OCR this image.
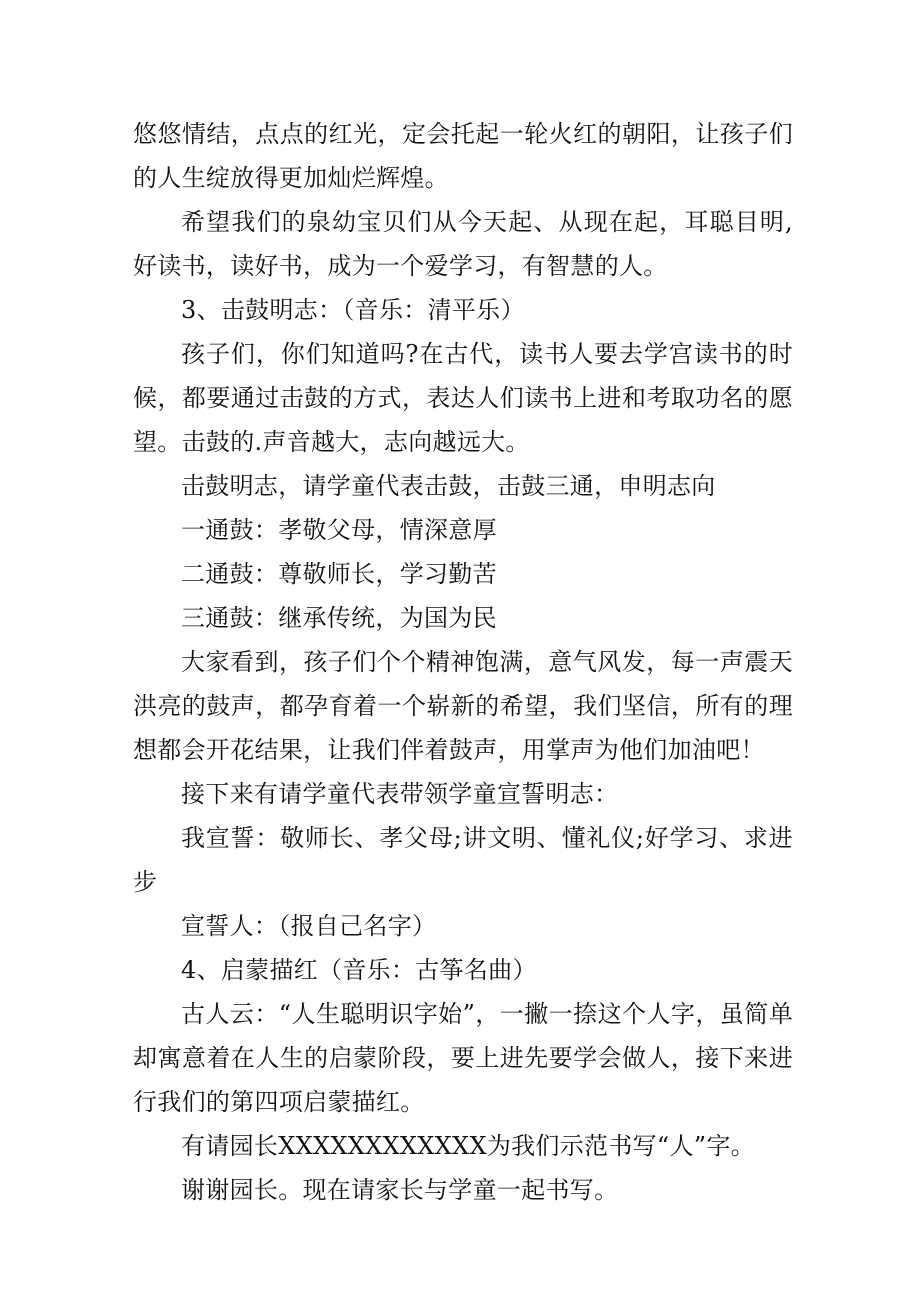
悠悠情结，点点的红光，定会托起一轮火红的朝阳，让孩子们的人生绽放得更加灿烂辉煌。

希望我们的泉幼宝贝们从今天起、从现在起，耳聪目明,好读书，读好书，成为一个爱学习，有智慧的人。

3、击鼓明志：（音乐：清平乐）

孩子们，你们知道吗?在古代，读书人要去学宫读书的时候，都要通过击鼓的方式，表达人们读书上进和考取功名的愿望。击鼓的.声音越大，志向越远大。

击鼓明志，请学童代表击鼓，击鼓三通，申明志向

一通鼓：孝敬父母，情深意厚

二通鼓：尊敬师长，学习勤苦

三通鼓：继承传统，为国为民

大家看到，孩子们个个精神饱满，意气风发，每一声震天洪亮的鼓声，都孕育着一个崭新的希望，我们坚信，所有的理想都会开花结果，让我们伴着鼓声，用掌声为他们加油吧！

接下来有请学童代表带领学童宣誓明志：

我宣誓：敬师长、孝父母;讲文明、懂礼仪;好学习、求进步

宣誓人：（报自己名字）

4、启蒙描红（音乐：古筝名曲）

古人云：“人生聪明识字始”，一撇一捺这个人字，虽简单却寓意着在人生的启蒙阶段，要上进先要学会做人，接下来进行我们的第四项启蒙描红。

有请园长XXXXXXXXXXXX为我们示范书写“人”字。

谢谢园长。现在请家长与学童一起书写。
